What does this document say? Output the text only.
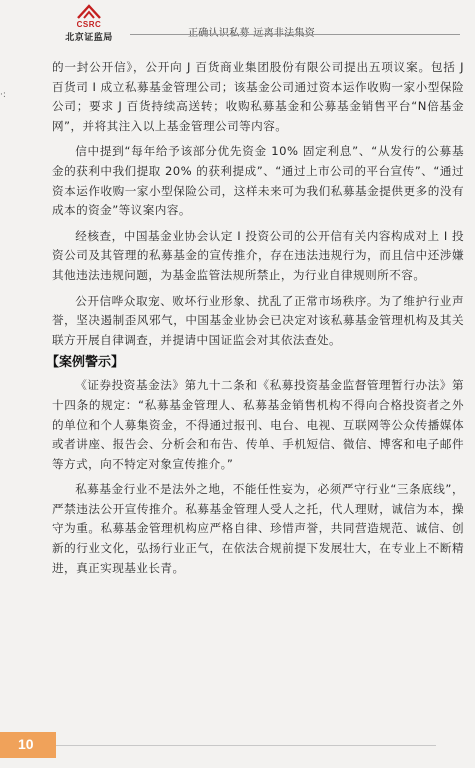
CSRC
北京证监局
·:

的一封公开信》，公开向 J 百货商业集团股份有限公司提出五项议案。包括 J 百货司 I 成立私募基金管理公司；该基金公司通过资本运作收购一家小型保险公司；要求 J 百货持续高送转；收购私募基金和公募基金销售平台“N倍基金网”，并将其注入以上基金管理公司等内容。

信中提到“每年给予该部分优先资金 10% 固定利息”、“从发行的公募基金的获利中我们提取 20% 的获利提成”、“通过上市公司的平台宣传”、“通过资本运作收购一家小型保险公司，这样未来可为我们私募基金提供更多的没有成本的资金”等议案内容。

经核查，中国基金业协会认定 I 投资公司的公开信有关内容构成对上 I 投资公司及其管理的私募基金的宣传推介，存在违法违规行为，而且信中还涉嫌其他违法违规问题，为基金监管法规所禁止，为行业自律规则所不容。

公开信哗众取宠、败坏行业形象、扰乱了正常市场秩序。为了维护行业声誉，坚决遏制歪风邪气，中国基金业协会已决定对该私募基金管理机构及其关联方开展自律调查，并提请中国证监会对其依法查处。

【案例警示】

《证券投资基金法》第九十二条和《私募投资基金监督管理暂行办法》第十四条的规定：“私募基金管理人、私募基金销售机构不得向合格投资者之外的单位和个人募集资金，不得通过报刊、电台、电视、互联网等公众传播媒体或者讲座、报告会、分析会和布告、传单、手机短信、微信、博客和电子邮件等方式，向不特定对象宣传推介。”

私募基金行业不是法外之地，不能任性妄为，必须严守行业“三条底线”，严禁违法公开宣传推介。私募基金管理人受人之托，代人理财，诚信为本，操守为重。私募基金管理机构应严格自律、珍惜声誉，共同营造规范、诚信、创新的行业文化，弘扬行业正气，在依法合规前提下发展壮大，在专业上不断精进，真正实现基业长青。

10
